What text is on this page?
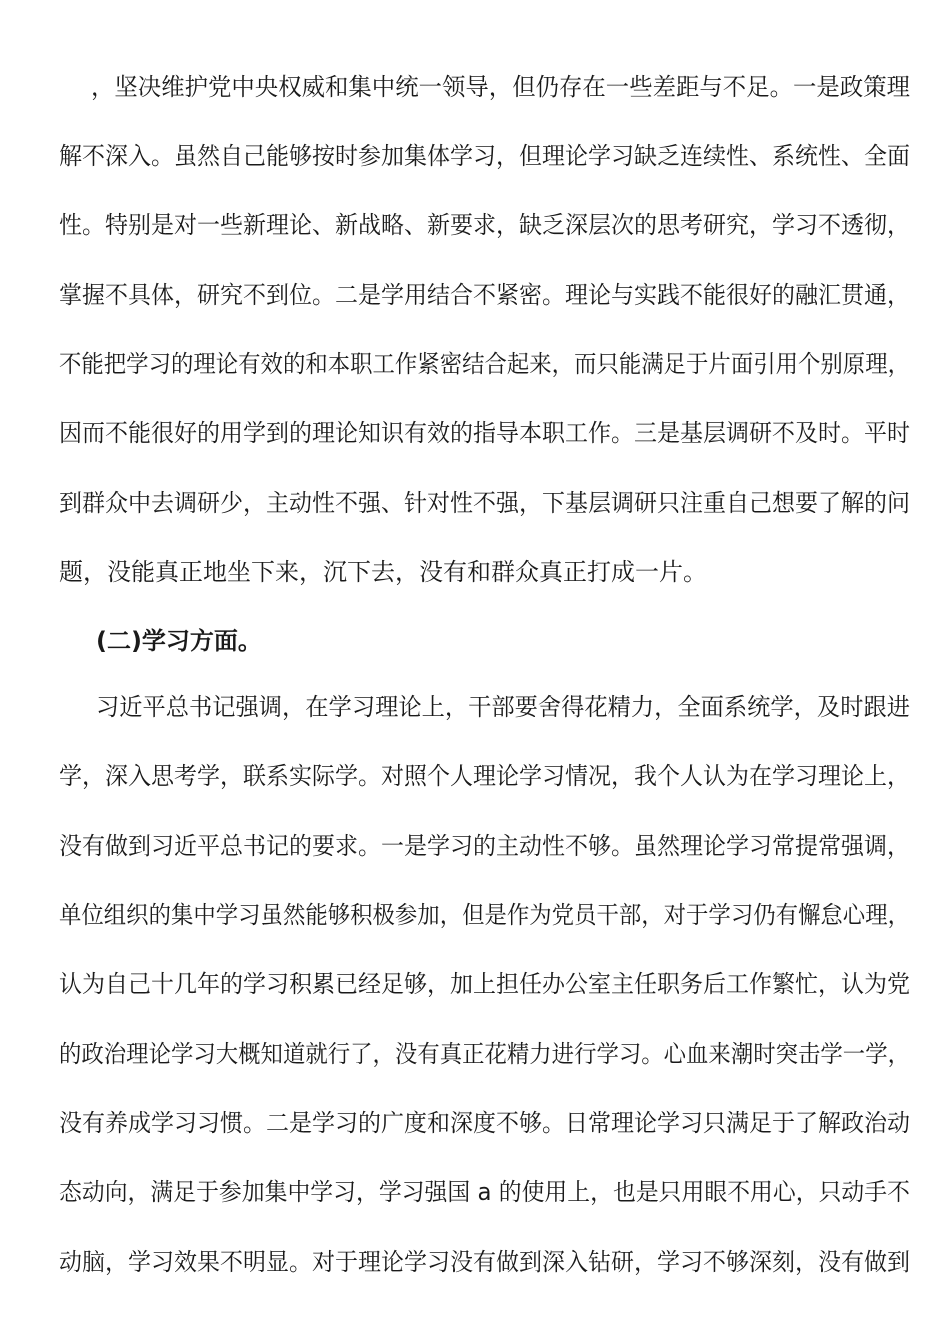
，坚决维护党中央权威和集中统一领导，但仍存在一些差距与不足。一是政策理
解不深入。虽然自己能够按时参加集体学习，但理论学习缺乏连续性、系统性、全面
性。特别是对一些新理论、新战略、新要求，缺乏深层次的思考研究，学习不透彻，
掌握不具体，研究不到位。二是学用结合不紧密。理论与实践不能很好的融汇贯通，
不能把学习的理论有效的和本职工作紧密结合起来，而只能满足于片面引用个别原理，
因而不能很好的用学到的理论知识有效的指导本职工作。三是基层调研不及时。平时
到群众中去调研少，主动性不强、针对性不强，下基层调研只注重自己想要了解的问
题，没能真正地坐下来，沉下去，没有和群众真正打成一片。
(二)学习方面。
习近平总书记强调，在学习理论上，干部要舍得花精力，全面系统学，及时跟进
学，深入思考学，联系实际学。对照个人理论学习情况，我个人认为在学习理论上，
没有做到习近平总书记的要求。一是学习的主动性不够。虽然理论学习常提常强调，
单位组织的集中学习虽然能够积极参加，但是作为党员干部，对于学习仍有懈怠心理，
认为自己十几年的学习积累已经足够，加上担任办公室主任职务后工作繁忙，认为党
的政治理论学习大概知道就行了，没有真正花精力进行学习。心血来潮时突击学一学，
没有养成学习习惯。二是学习的广度和深度不够。日常理论学习只满足于了解政治动
态动向，满足于参加集中学习，学习强国 a 的使用上，也是只用眼不用心，只动手不
动脑，学习效果不明显。对于理论学习没有做到深入钻研，学习不够深刻，没有做到
